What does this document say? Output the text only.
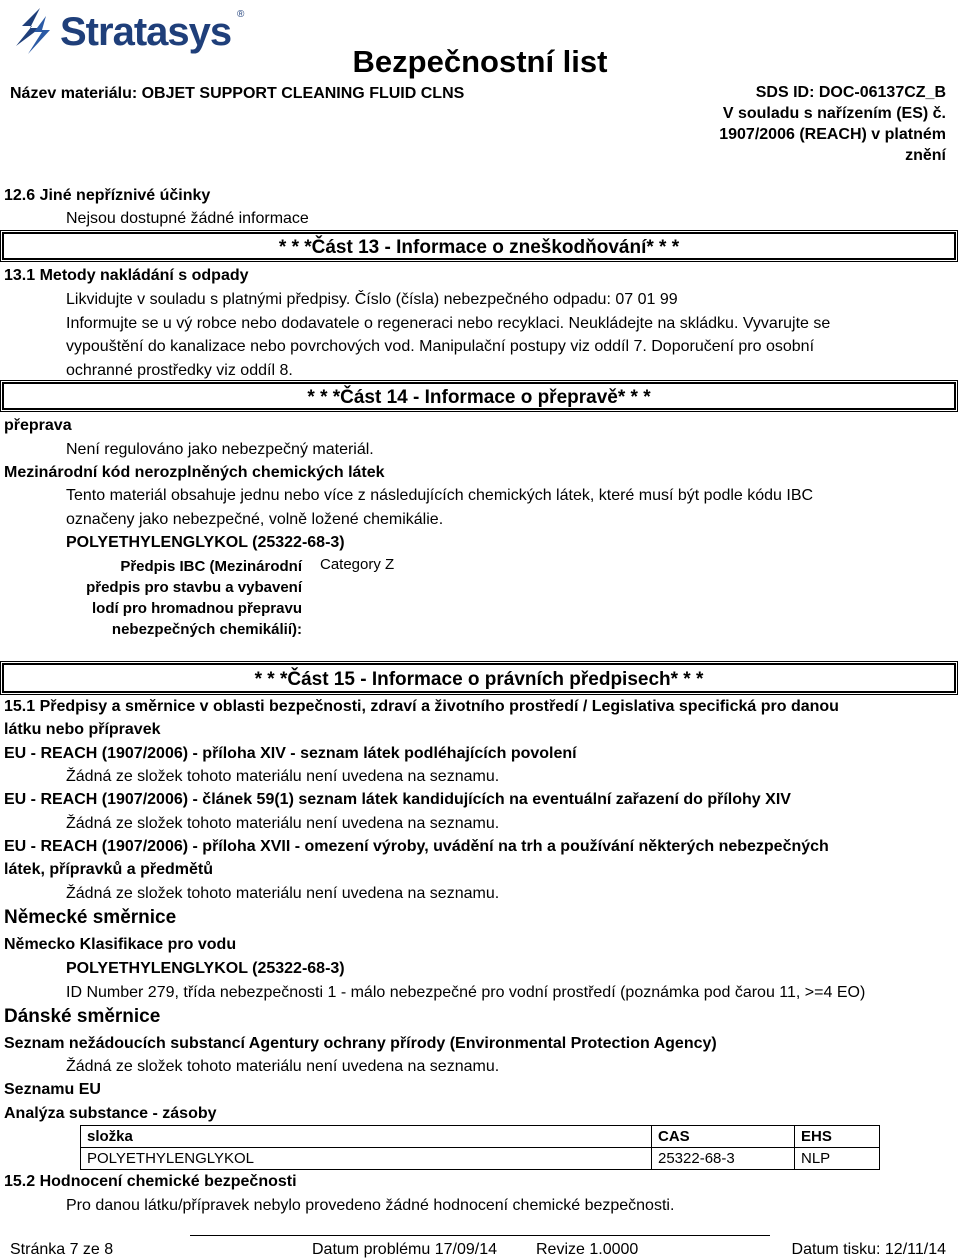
Stratasys ®
Bezpečnostní list
Název materiálu: OBJET SUPPORT CLEANING FLUID CLNS	SDS ID: DOC-06137CZ_B
V souladu s nařízením (ES) č.
1907/2006 (REACH) v platném
znění
12.6 Jiné nepříznivé účinky
Nejsou dostupné žádné informace
* * *Část 13 - Informace o zneškodňování* * *
13.1 Metody nakládání s odpady
Likvidujte v souladu s platnými předpisy. Číslo (čísla) nebezpečného odpadu: 07 01 99
Informujte se u vý robce nebo dodavatele o regeneraci nebo recyklaci. Neukládejte na skládku. Vyvarujte se
vypouštění do kanalizace nebo povrchových vod. Manipulační postupy viz oddíl 7. Doporučení pro osobní
ochranné prostředky viz oddíl 8.
* * *Část 14 - Informace o přepravě* * *
přeprava
Není regulováno jako nebezpečný materiál.
Mezinárodní kód nerozplněných chemických látek
Tento materiál obsahuje jednu nebo více z následujících chemických látek, které musí být podle kódu IBC
označeny jako nebezpečné, volně ložené chemikálie.
POLYETHYLENGLYKOL (25322-68-3)
Předpis IBC (Mezinárodní
předpis pro stavbu a vybavení
lodí pro hromadnou přepravu
nebezpečných chemikálií):
Category Z
* * *Část 15 - Informace o právních předpisech* * *
15.1 Předpisy a směrnice v oblasti bezpečnosti, zdraví a životního prostředí / Legislativa specifická pro danou
látku nebo přípravek
EU - REACH (1907/2006) - příloha XIV - seznam látek podléhajících povolení
Žádná ze složek tohoto materiálu není uvedena na seznamu.
EU - REACH (1907/2006) - článek 59(1) seznam látek kandidujících na eventuální zařazení do přílohy XIV
Žádná ze složek tohoto materiálu není uvedena na seznamu.
EU - REACH (1907/2006) - příloha XVII - omezení výroby, uvádění na trh a používání některých nebezpečných
látek, přípravků a předmětů
Žádná ze složek tohoto materiálu není uvedena na seznamu.
Německé směrnice
Německo Klasifikace pro vodu
POLYETHYLENGLYKOL (25322-68-3)
ID Number 279, třída nebezpečnosti 1 - málo nebezpečné pro vodní prostředí (poznámka pod čarou 11, >=4 EO)
Dánské směrnice
Seznam nežádoucích substancí Agentury ochrany přírody (Environmental Protection Agency)
Žádná ze složek tohoto materiálu není uvedena na seznamu.
Seznamu EU
Analýza substance - zásoby
složka	CAS	EHS
POLYETHYLENGLYKOL	25322-68-3	NLP
15.2 Hodnocení chemické bezpečnosti
Pro danou látku/přípravek nebylo provedeno žádné hodnocení chemické bezpečnosti.
Stránka 7 ze 8	Datum problému 17/09/14 Revize 1.0000	Datum tisku: 12/11/14
